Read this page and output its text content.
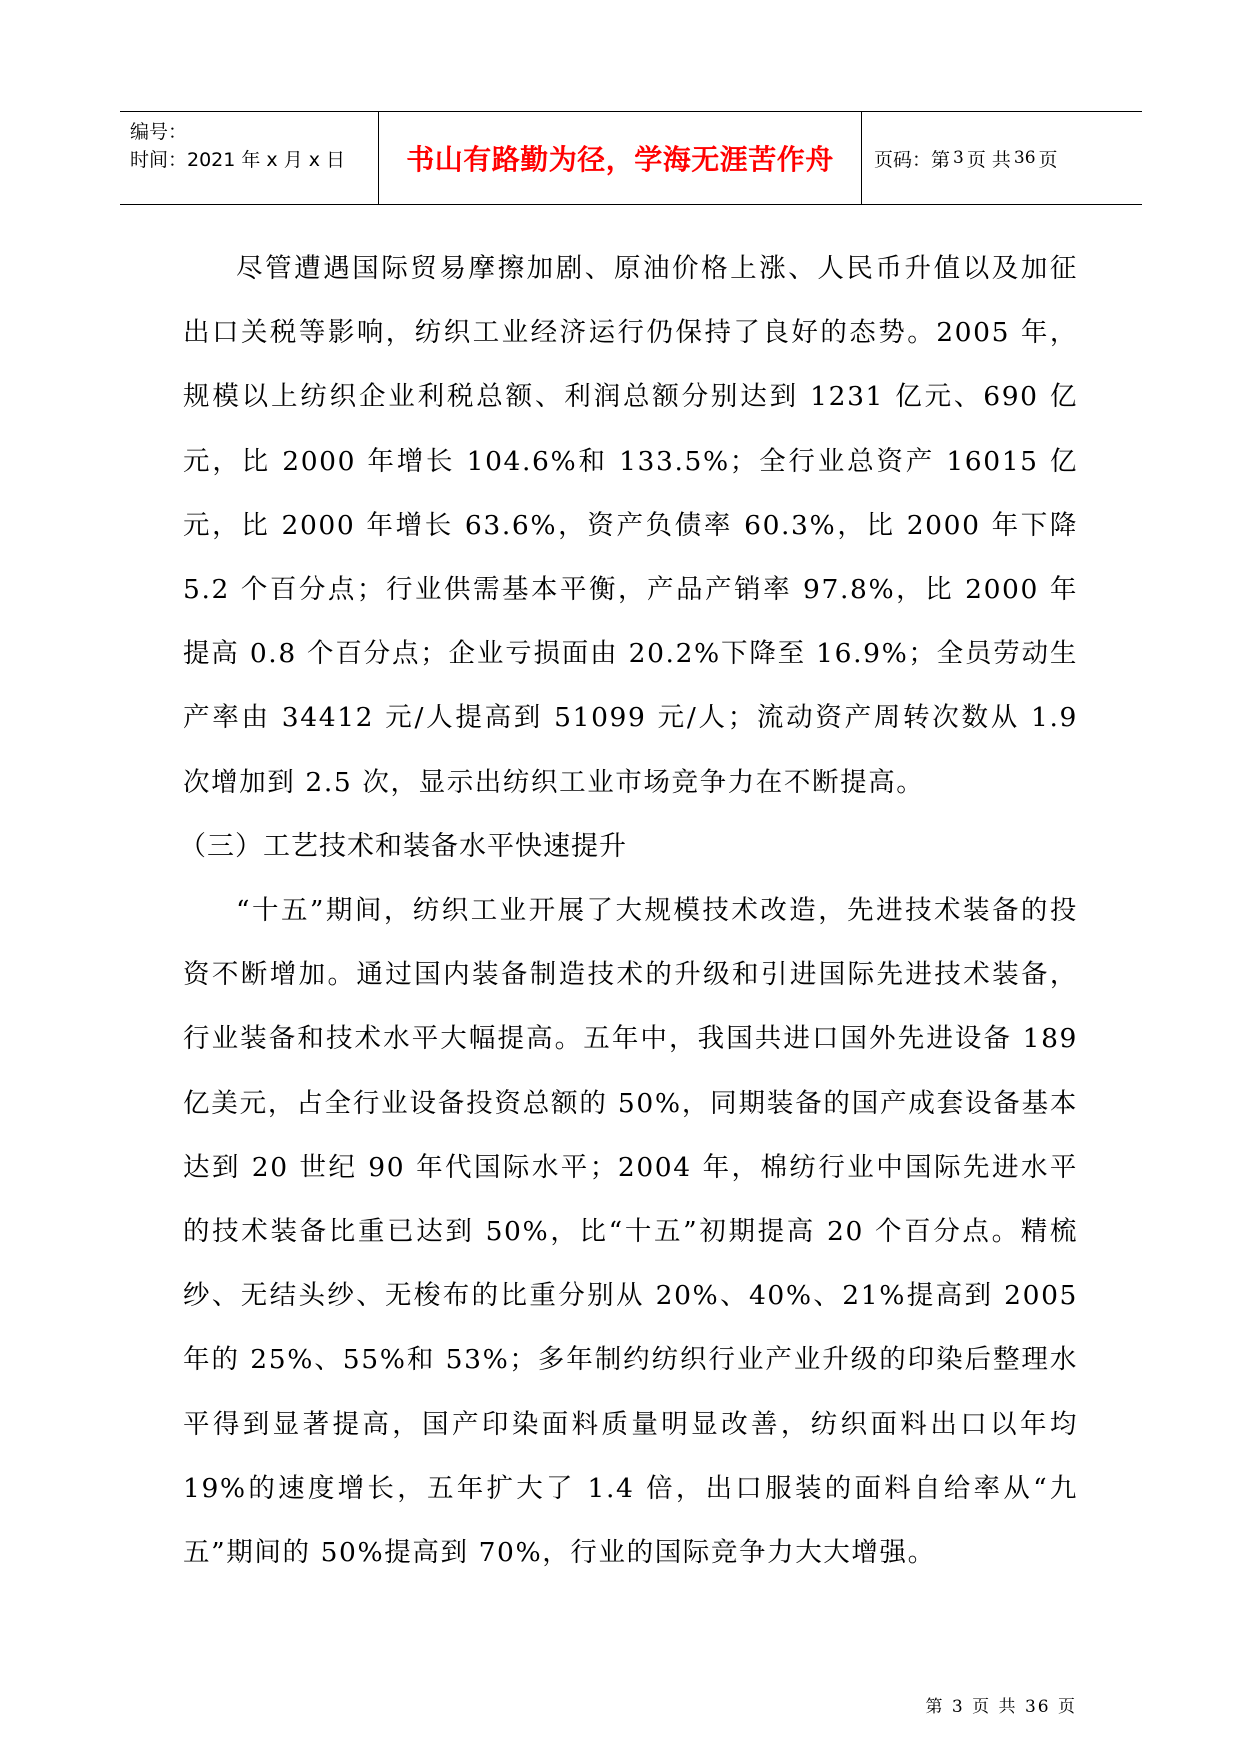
编号：
时间：2021 年 x 月 x 日	书山有路勤为径，学海无涯苦作舟 页码：第 3 页 共 36 页

尽管遭遇国际贸易摩擦加剧、原油价格上涨、人民币升值以及加征出口关税等影响，纺织工业经济运行仍保持了良好的态势。2005 年，规模以上纺织企业利税总额、利润总额分别达到 1231 亿元、690 亿元，比 2000 年增长 104.6%和 133.5%；全行业总资产 16015 亿元，比 2000 年增长 63.6%，资产负债率 60.3%，比 2000 年下降 5.2 个百分点；行业供需基本平衡，产品产销率 97.8%，比 2000 年提高 0.8 个百分点；企业亏损面由 20.2%下降至 16.9%；全员劳动生产率由 34412 元/人提高到 51099 元/人；流动资产周转次数从 1.9 次增加到 2.5 次，显示出纺织工业市场竞争力在不断提高。

（三）工艺技术和装备水平快速提升

“十五”期间，纺织工业开展了大规模技术改造，先进技术装备的投资不断增加。通过国内装备制造技术的升级和引进国际先进技术装备，行业装备和技术水平大幅提高。五年中，我国共进口国外先进设备 189 亿美元，占全行业设备投资总额的 50%，同期装备的国产成套设备基本达到 20 世纪 90 年代国际水平；2004 年，棉纺行业中国际先进水平的技术装备比重已达到 50%，比“十五”初期提高 20 个百分点。精梳纱、无结头纱、无梭布的比重分别从 20%、40%、21%提高到 2005 年的 25%、55%和 53%；多年制约纺织行业产业升级的印染后整理水平得到显著提高，国产印染面料质量明显改善，纺织面料出口以年均 19%的速度增长，五年扩大了 1.4 倍，出口服装的面料自给率从“九五”期间的 50%提高到 70%，行业的国际竞争力大大增强。

第 3 页 共 36 页
